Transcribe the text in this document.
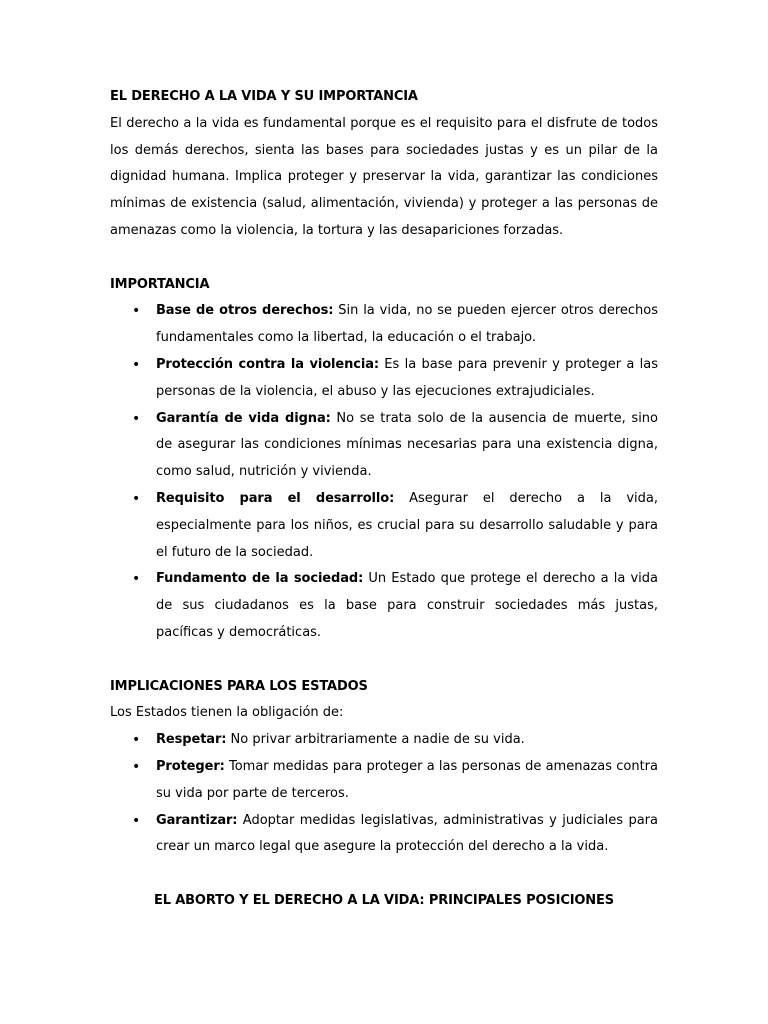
EL DERECHO A LA VIDA Y SU IMPORTANCIA

El derecho a la vida es fundamental porque es el requisito para el disfrute de todos los demás derechos, sienta las bases para sociedades justas y es un pilar de la dignidad humana. Implica proteger y preservar la vida, garantizar las condiciones mínimas de existencia (salud, alimentación, vivienda) y proteger a las personas de amenazas como la violencia, la tortura y las desapariciones forzadas.

IMPORTANCIA
• Base de otros derechos: Sin la vida, no se pueden ejercer otros derechos fundamentales como la libertad, la educación o el trabajo.
• Protección contra la violencia: Es la base para prevenir y proteger a las personas de la violencia, el abuso y las ejecuciones extrajudiciales.
• Garantía de vida digna: No se trata solo de la ausencia de muerte, sino de asegurar las condiciones mínimas necesarias para una existencia digna, como salud, nutrición y vivienda.
• Requisito para el desarrollo: Asegurar el derecho a la vida, especialmente para los niños, es crucial para su desarrollo saludable y para el futuro de la sociedad.
• Fundamento de la sociedad: Un Estado que protege el derecho a la vida de sus ciudadanos es la base para construir sociedades más justas, pacíficas y democráticas.
IMPLICACIONES PARA LOS ESTADOS

Los Estados tienen la obligación de:

• Respetar: No privar arbitrariamente a nadie de su vida.
• Proteger: Tomar medidas para proteger a las personas de amenazas contra su vida por parte de terceros.
• Garantizar: Adoptar medidas legislativas, administrativas y judiciales para crear un marco legal que asegure la protección del derecho a la vida.
EL ABORTO Y EL DERECHO A LA VIDA: PRINCIPALES POSICIONES
